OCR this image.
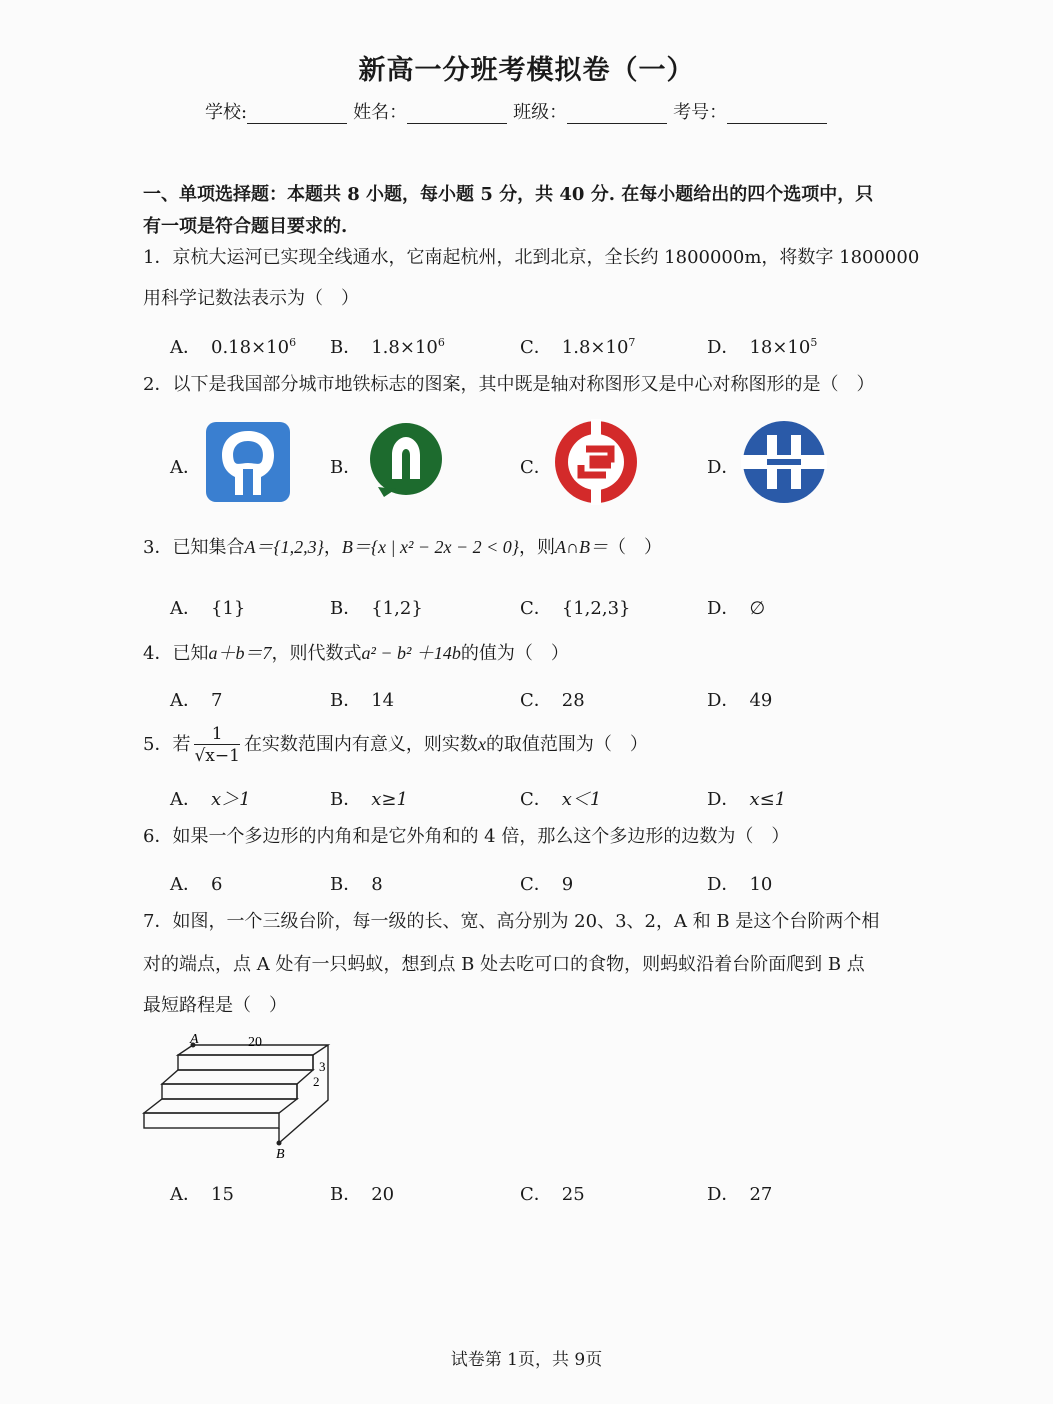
新高一分班考模拟卷（一）
学校:	姓名：	班级：	考号：
一、单项选择题：本题共 8 小题，每小题 5 分，共 40 分. 在每小题给出的四个选项中，只
有一项是符合题目要求的.
1．京杭大运河已实现全线通水，它南起杭州，北到北京，全长约 1800000m，将数字 1800000
用科学记数法表示为（　）
A． $0.18\times 10^6$ B． $1.8\times 10^6$	C． $1.8\times 10^7$	D． $18\times 10^5$
2．以下是我国部分城市地铁标志的图案，其中既是轴对称图形又是中心对称图形的是（　）
A．	B．	C．	D．
3．已知集合A＝{1,2,3}，B＝{x | x² − 2x − 2 < 0}，则A∩B＝（　）
A． {1}	B． {1,2}	C． {1,2,3}	D． ∅
4．已知a＋b＝7，则代数式a² − b² ＋14b的值为（　）
A． 7	B． 14	C． 28	D． 49
5．若 $\frac{1}{√x-1}$ 在实数范围内有意义，则实数x的取值范围为（　）
A． x＞1	B． x≥1	C． x＜1	D． x≤1
6．如果一个多边形的内角和是它外角和的 4 倍，那么这个多边形的边数为（　）
A． 6	B． 8	C． 9	D． 10
7．如图，一个三级台阶，每一级的长、宽、高分别为 20、3、2，A 和 B 是这个台阶两个相
对的端点，点 A 处有一只蚂蚁，想到点 B 处去吃可口的食物，则蚂蚁沿着台阶面爬到 B 点
最短路程是（　）
A
B
20
3
2
A． 15	B． 20	C． 25	D． 27
试卷第 1页，共 9页
